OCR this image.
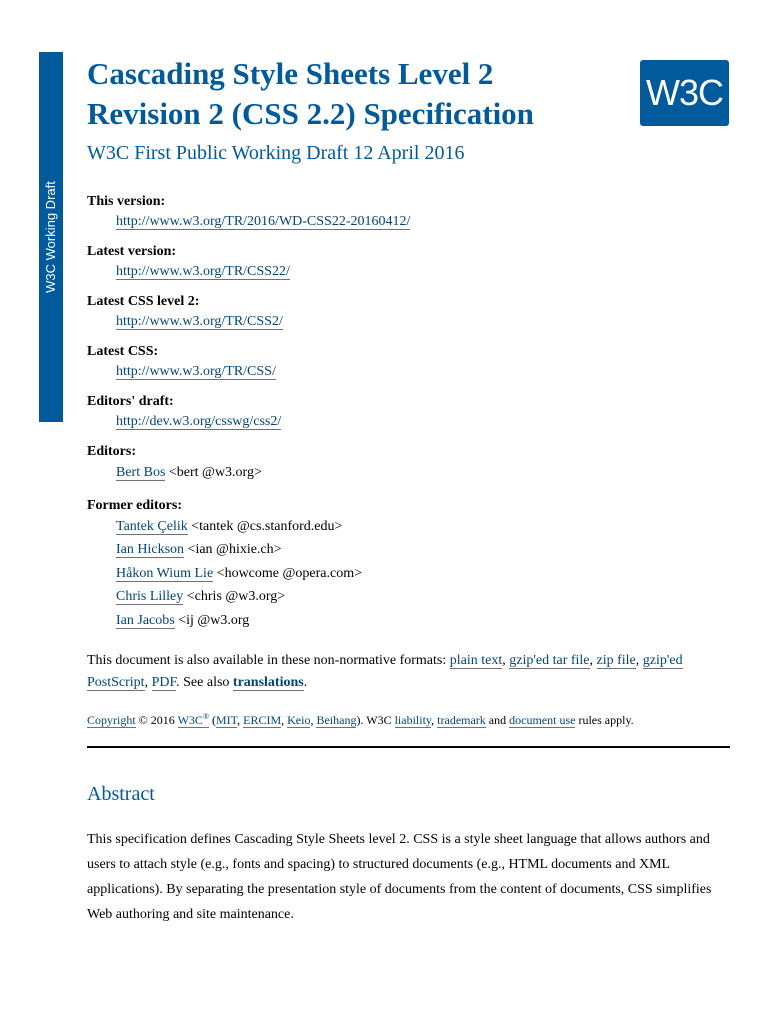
W3C Working Draft
W3C
Cascading Style Sheets Level 2
Revision 2 (CSS 2.2) Specification
W3C First Public Working Draft 12 April 2016
This version:
http://www.w3.org/TR/2016/WD-CSS22-20160412/
Latest version:
http://www.w3.org/TR/CSS22/
Latest CSS level 2:
http://www.w3.org/TR/CSS2/
Latest CSS:
http://www.w3.org/TR/CSS/
Editors' draft:
http://dev.w3.org/csswg/css2/
Editors:
Bert Bos <bert @w3.org>
Former editors:
Tantek Çelik <tantek @cs.stanford.edu>
Ian Hickson <ian @hixie.ch>
Håkon Wium Lie <howcome @opera.com>
Chris Lilley <chris @w3.org>
Ian Jacobs <ij @w3.org
This document is also available in these non-normative formats: plain text, gzip'ed tar file, zip file, gzip'ed
PostScript, PDF. See also translations.
Copyright © 2016 W3C® (MIT, ERCIM, Keio, Beihang). W3C liability, trademark and document use rules apply.
Abstract

This specification defines Cascading Style Sheets level 2. CSS is a style sheet language that allows authors and users to attach style (e.g., fonts and spacing) to structured documents (e.g., HTML documents and XML applications). By separating the presentation style of documents from the content of documents, CSS simplifies Web authoring and site maintenance.
